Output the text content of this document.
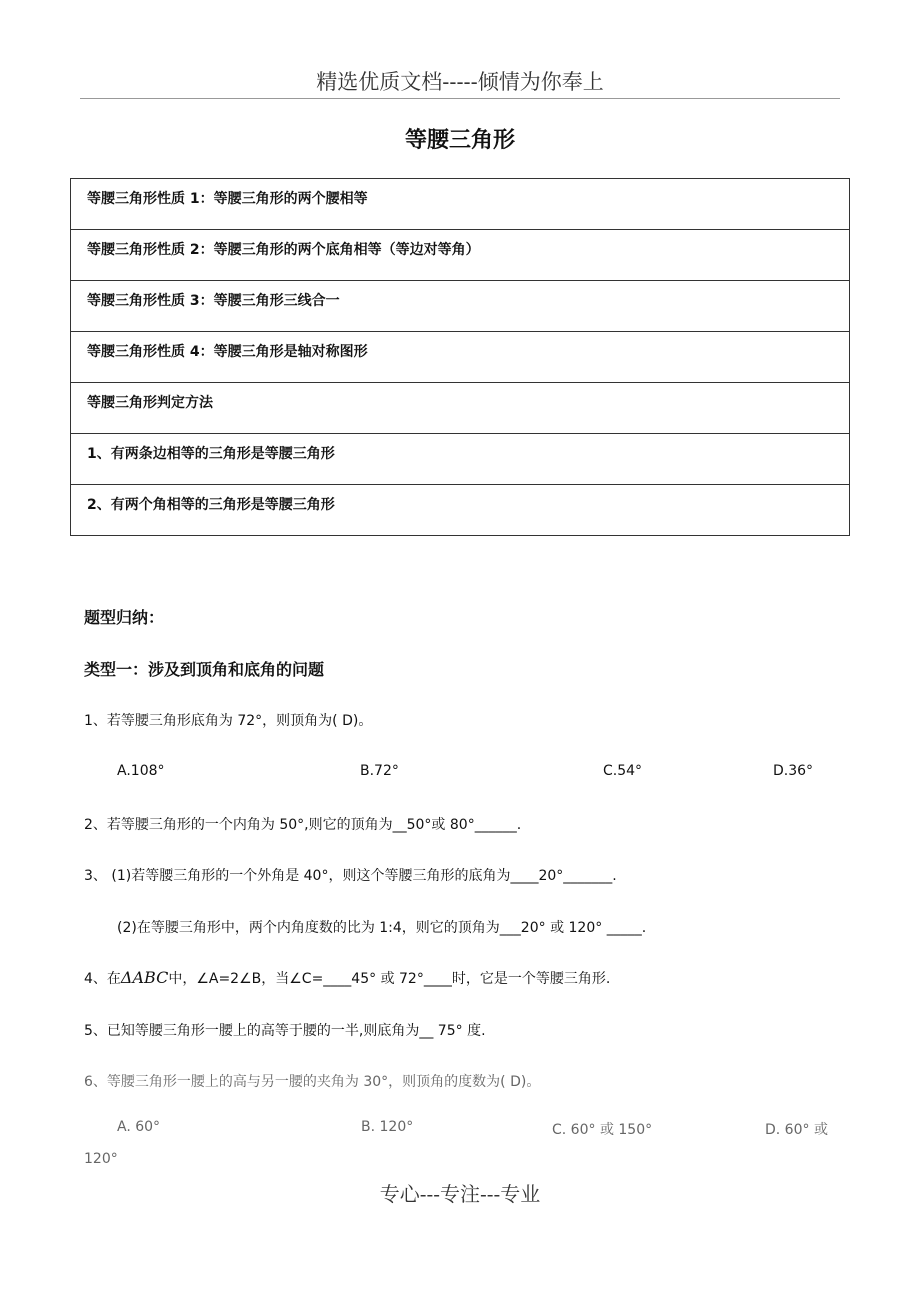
精选优质文档-----倾情为你奉上
等腰三角形
等腰三角形性质 1：等腰三角形的两个腰相等
等腰三角形性质 2：等腰三角形的两个底角相等（等边对等角）
等腰三角形性质 3：等腰三角形三线合一
等腰三角形性质 4：等腰三角形是轴对称图形
等腰三角形判定方法
1、有两条边相等的三角形是等腰三角形
2、有两个角相等的三角形是等腰三角形
题型归纳：
类型一：涉及到顶角和底角的问题
1、若等腰三角形底角为 72°，则顶角为( D)。
A.108°	B.72°	C.54°	D.36°
2、若等腰三角形的一个内角为 50°,则它的顶角为__50°或 80°______.
3、 (1)若等腰三角形的一个外角是 40°，则这个等腰三角形的底角为____20°_______.
(2)在等腰三角形中，两个内角度数的比为 1:4，则它的顶角为___20° 或 120° _____.
4、在ΔABC中，∠A=2∠B，当∠C=____45° 或 72°____时，它是一个等腰三角形.
5、已知等腰三角形一腰上的高等于腰的一半,则底角为__ 75° 度.
6、等腰三角形一腰上的高与另一腰的夹角为 30°，则顶角的度数为( D)。
A. 60°	B. 120°	C. 60° 或 150°	D. 60° 或
120°
专心---专注---专业
